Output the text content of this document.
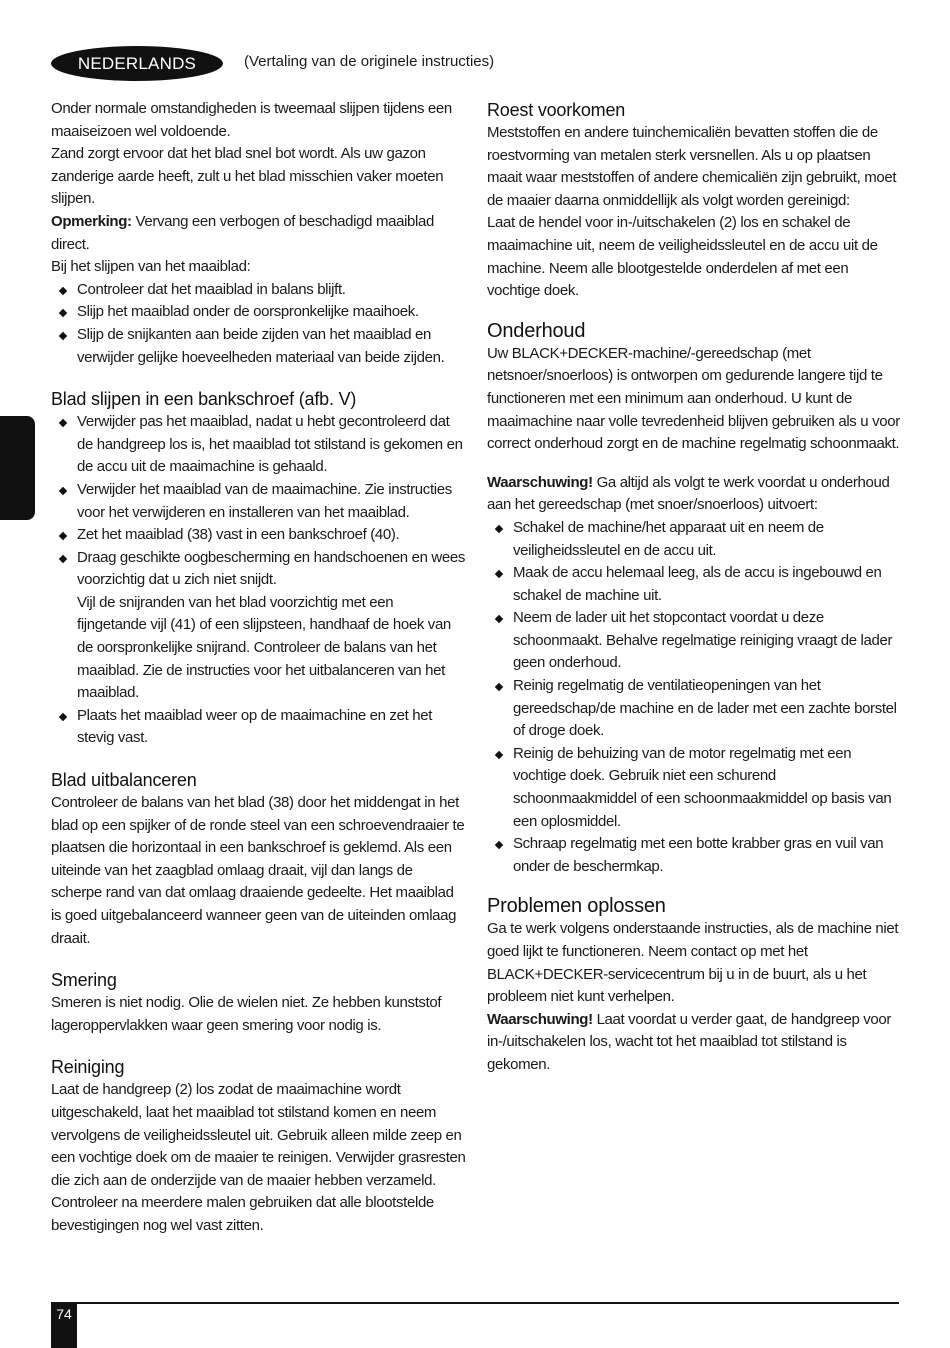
NEDERLANDS	(Vertaling van de originele instructies)

Onder normale omstandigheden is tweemaal slijpen tijdens een maaiseizoen wel voldoende.

Zand zorgt ervoor dat het blad snel bot wordt. Als uw gazon zanderige aarde heeft, zult u het blad misschien vaker moeten slijpen.

Opmerking: Vervang een verbogen of beschadigd maaiblad direct.

Bij het slijpen van het maaiblad:

Controleer dat het maaiblad in balans blijft.
Slijp het maaiblad onder de oorspronkelijke maaihoek.
Slijp de snijkanten aan beide zijden van het maaiblad en verwijder gelijke hoeveelheden materiaal van beide zijden.
Blad slijpen in een bankschroef (afb. V)
Verwijder pas het maaiblad, nadat u hebt gecontroleerd dat de handgreep los is, het maaiblad tot stilstand is gekomen en de accu uit de maaimachine is gehaald.
Verwijder het maaiblad van de maaimachine. Zie instructies voor het verwijderen en installeren van het maaiblad.
Zet het maaiblad (38) vast in een bankschroef (40).
Draag geschikte oogbescherming en handschoenen en wees voorzichtig dat u zich niet snijdt.

Vijl de snijranden van het blad voorzichtig met een fijngetande vijl (41) of een slijpsteen, handhaaf de hoek van de oorspronkelijke snijrand. Controleer de balans van het maaiblad. Zie de instructies voor het uitbalanceren van het maaiblad.

Plaats het maaiblad weer op de maaimachine en zet het stevig vast.
Blad uitbalanceren

Controleer de balans van het blad (38) door het middengat in het blad op een spijker of de ronde steel van een schroevendraaier te plaatsen die horizontaal in een bankschroef is geklemd. Als een uiteinde van het zaagblad omlaag draait, vijl dan langs de scherpe rand van dat omlaag draaiende gedeelte. Het maaiblad is goed uitgebalanceerd wanneer geen van de uiteinden omlaag draait.

Smering

Smeren is niet nodig. Olie de wielen niet. Ze hebben kunststof lageroppervlakken waar geen smering voor nodig is.

Reiniging

Laat de handgreep (2) los zodat de maaimachine wordt uitgeschakeld, laat het maaiblad tot stilstand komen en neem vervolgens de veiligheidssleutel uit. Gebruik alleen milde zeep en een vochtige doek om de maaier te reinigen. Verwijder grasresten die zich aan de onderzijde van de maaier hebben verzameld. Controleer na meerdere malen gebruiken dat alle blootstelde bevestigingen nog wel vast zitten.

Roest voorkomen

Meststoffen en andere tuinchemicaliën bevatten stoffen die de roestvorming van metalen sterk versnellen. Als u op plaatsen maait waar meststoffen of andere chemicaliën zijn gebruikt, moet de maaier daarna onmiddellijk als volgt worden gereinigd:

Laat de hendel voor in-/uitschakelen (2) los en schakel de maaimachine uit, neem de veiligheidssleutel en de accu uit de machine. Neem alle blootgestelde onderdelen af met een vochtige doek.

Onderhoud

Uw BLACK+DECKER-machine/-gereedschap (met netsnoer/snoerloos) is ontworpen om gedurende langere tijd te functioneren met een minimum aan onderhoud. U kunt de maaimachine naar volle tevredenheid blijven gebruiken als u voor correct onderhoud zorgt en de machine regelmatig schoonmaakt.

Waarschuwing! Ga altijd als volgt te werk voordat u onderhoud aan het gereedschap (met snoer/snoerloos) uitvoert:

Schakel de machine/het apparaat uit en neem de veiligheidssleutel en de accu uit.
Maak de accu helemaal leeg, als de accu is ingebouwd en schakel de machine uit.
Neem de lader uit het stopcontact voordat u deze schoonmaakt. Behalve regelmatige reiniging vraagt de lader geen onderhoud.
Reinig regelmatig de ventilatieopeningen van het gereedschap/de machine en de lader met een zachte borstel of droge doek.
Reinig de behuizing van de motor regelmatig met een vochtige doek. Gebruik niet een schurend schoonmaakmiddel of een schoonmaakmiddel op basis van een oplosmiddel.
Schraap regelmatig met een botte krabber gras en vuil van onder de beschermkap.
Problemen oplossen

Ga te werk volgens onderstaande instructies, als de machine niet goed lijkt te functioneren. Neem contact op met het BLACK+DECKER-servicecentrum bij u in de buurt, als u het probleem niet kunt verhelpen.

Waarschuwing! Laat voordat u verder gaat, de handgreep voor in-/uitschakelen los, wacht tot het maaiblad tot stilstand is gekomen.

74
